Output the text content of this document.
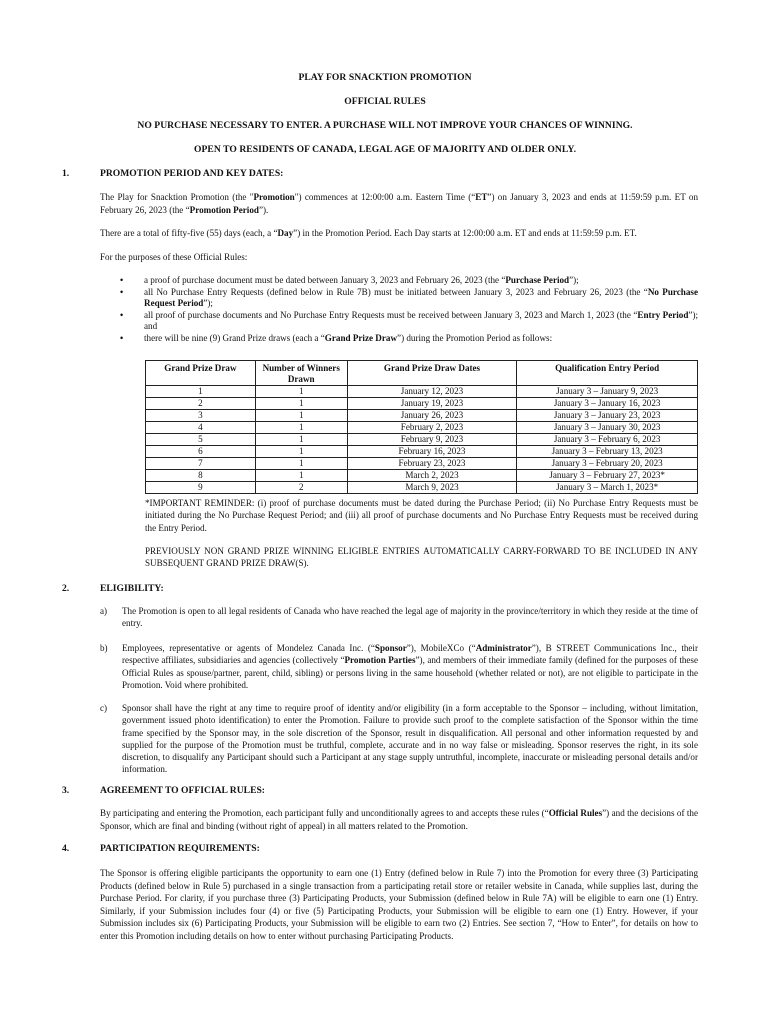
PLAY FOR SNACKTION PROMOTION
OFFICIAL RULES
NO PURCHASE NECESSARY TO ENTER. A PURCHASE WILL NOT IMPROVE YOUR CHANCES OF WINNING.
OPEN TO RESIDENTS OF CANADA, LEGAL AGE OF MAJORITY AND OLDER ONLY.
1.	PROMOTION PERIOD AND KEY DATES:
The Play for Snacktion Promotion (the "Promotion") commences at 12:00:00 a.m. Eastern Time (“ET”) on January 3, 2023 and ends at 11:59:59 p.m. ET on February 26, 2023 (the “Promotion Period”).
There are a total of fifty-five (55) days (each, a “Day”) in the Promotion Period. Each Day starts at 12:00:00 a.m. ET and ends at 11:59:59 p.m. ET.
For the purposes of these Official Rules:
• a proof of purchase document must be dated between January 3, 2023 and February 26, 2023 (the “Purchase Period”);
• all No Purchase Entry Requests (defined below in Rule 7B) must be initiated between January 3, 2023 and February 26, 2023 (the “No Purchase Request Period”);
• all proof of purchase documents and No Purchase Entry Requests must be received between January 3, 2023 and March 1, 2023 (the “Entry Period”); and
• there will be nine (9) Grand Prize draws (each a “Grand Prize Draw”) during the Promotion Period as follows:
Grand Prize Draw	Number of Winners Drawn	Grand Prize Draw Dates	Qualification Entry Period
1	1	January 12, 2023	January 3 – January 9, 2023
2	1	January 19, 2023	January 3 – January 16, 2023
3	1	January 26, 2023	January 3 – January 23, 2023
4	1	February 2, 2023	January 3 – January 30, 2023
5	1	February 9, 2023	January 3 – February 6, 2023
6	1	February 16, 2023	January 3 – February 13, 2023
7	1	February 23, 2023	January 3 – February 20, 2023
8	1	March 2, 2023	January 3 – February 27, 2023*
9	2	March 9, 2023	January 3 – March 1, 2023*
*IMPORTANT REMINDER: (i) proof of purchase documents must be dated during the Purchase Period; (ii) No Purchase Entry Requests must be initiated during the No Purchase Request Period; and (iii) all proof of purchase documents and No Purchase Entry Requests must be received during the Entry Period.
PREVIOUSLY NON GRAND PRIZE WINNING ELIGIBLE ENTRIES AUTOMATICALLY CARRY-FORWARD TO BE INCLUDED IN ANY SUBSEQUENT GRAND PRIZE DRAW(S).
2.	ELIGIBILITY:
a) The Promotion is open to all legal residents of Canada who have reached the legal age of majority in the province/territory in which they reside at the time of entry.
b) Employees, representative or agents of Mondelez Canada Inc. (“Sponsor”), MobileXCo (“Administrator”), B STREET Communications Inc., their respective affiliates, subsidiaries and agencies (collectively “Promotion Parties”), and members of their immediate family (defined for the purposes of these Official Rules as spouse/partner, parent, child, sibling) or persons living in the same household (whether related or not), are not eligible to participate in the Promotion. Void where prohibited.
c) Sponsor shall have the right at any time to require proof of identity and/or eligibility (in a form acceptable to the Sponsor – including, without limitation, government issued photo identification) to enter the Promotion. Failure to provide such proof to the complete satisfaction of the Sponsor within the time frame specified by the Sponsor may, in the sole discretion of the Sponsor, result in disqualification. All personal and other information requested by and supplied for the purpose of the Promotion must be truthful, complete, accurate and in no way false or misleading. Sponsor reserves the right, in its sole discretion, to disqualify any Participant should such a Participant at any stage supply untruthful, incomplete, inaccurate or misleading personal details and/or information.
3.	AGREEMENT TO OFFICIAL RULES:
By participating and entering the Promotion, each participant fully and unconditionally agrees to and accepts these rules (“Official Rules”) and the decisions of the Sponsor, which are final and binding (without right of appeal) in all matters related to the Promotion.
4.	PARTICIPATION REQUIREMENTS:
The Sponsor is offering eligible participants the opportunity to earn one (1) Entry (defined below in Rule 7) into the Promotion for every three (3) Participating Products (defined below in Rule 5) purchased in a single transaction from a participating retail store or retailer website in Canada, while supplies last, during the Purchase Period. For clarity, if you purchase three (3) Participating Products, your Submission (defined below in Rule 7A) will be eligible to earn one (1) Entry. Similarly, if your Submission includes four (4) or five (5) Participating Products, your Submission will be eligible to earn one (1) Entry. However, if your Submission includes six (6) Participating Products, your Submission will be eligible to earn two (2) Entries. See section 7, “How to Enter”, for details on how to enter this Promotion including details on how to enter without purchasing Participating Products.
